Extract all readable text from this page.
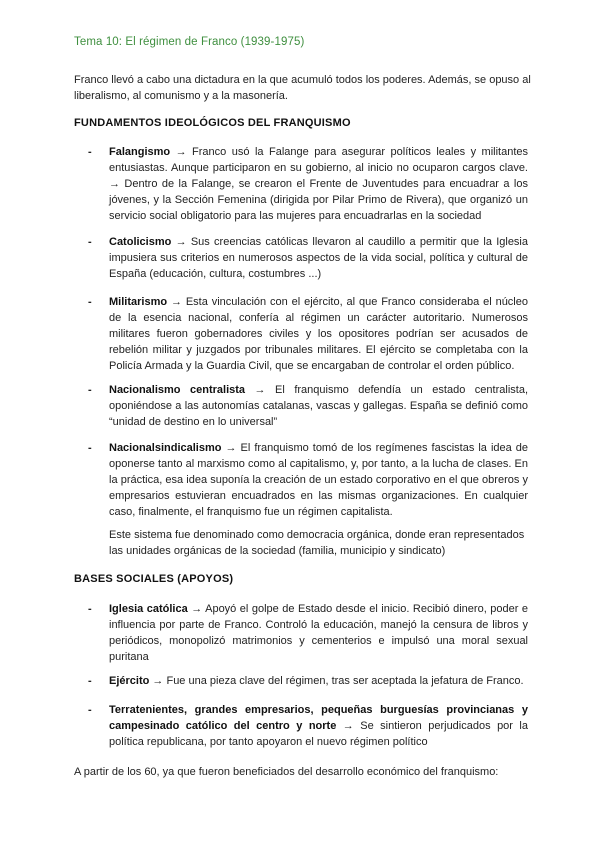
Tema 10: El régimen de Franco (1939-1975)
Franco llevó a cabo una dictadura en la que acumuló todos los poderes. Además, se opuso al liberalismo, al comunismo y a la masonería.
FUNDAMENTOS IDEOLÓGICOS DEL FRANQUISMO
- Falangismo → Franco usó la Falange para asegurar políticos leales y militantes entusiastas. Aunque participaron en su gobierno, al inicio no ocuparon cargos clave. → Dentro de la Falange, se crearon el Frente de Juventudes para encuadrar a los jóvenes, y la Sección Femenina (dirigida por Pilar Primo de Rivera), que organizó un servicio social obligatorio para las mujeres para encuadrarlas en la sociedad
- Catolicismo → Sus creencias católicas llevaron al caudillo a permitir que la Iglesia impusiera sus criterios en numerosos aspectos de la vida social, política y cultural de España (educación, cultura, costumbres ...)
- Militarismo → Esta vinculación con el ejército, al que Franco consideraba el núcleo de la esencia nacional, confería al régimen un carácter autoritario. Numerosos militares fueron gobernadores civiles y los opositores podrían ser acusados de rebelión militar y juzgados por tribunales militares. El ejército se completaba con la Policía Armada y la Guardia Civil, que se encargaban de controlar el orden público.
- Nacionalismo centralista → El franquismo defendía un estado centralista, oponiéndose a las autonomías catalanas, vascas y gallegas. España se definió como “unidad de destino en lo universal”
- Nacionalsindicalismo → El franquismo tomó de los regímenes fascistas la idea de oponerse tanto al marxismo como al capitalismo, y, por tanto, a la lucha de clases. En la práctica, esa idea suponía la creación de un estado corporativo en el que obreros y empresarios estuvieran encuadrados en las mismas organizaciones. En cualquier caso, finalmente, el franquismo fue un régimen capitalista.
Este sistema fue denominado como democracia orgánica, donde eran representados las unidades orgánicas de la sociedad (familia, municipio y sindicato)
BASES SOCIALES (APOYOS)
- Iglesia católica → Apoyó el golpe de Estado desde el inicio. Recibió dinero, poder e influencia por parte de Franco. Controló la educación, manejó la censura de libros y periódicos, monopolizó matrimonios y cementerios e impulsó una moral sexual puritana
- Ejército → Fue una pieza clave del régimen, tras ser aceptada la jefatura de Franco.
- Terratenientes, grandes empresarios, pequeñas burguesías provincianas y campesinado católico del centro y norte → Se sintieron perjudicados por la política republicana, por tanto apoyaron el nuevo régimen político
A partir de los 60, ya que fueron beneficiados del desarrollo económico del franquismo:
